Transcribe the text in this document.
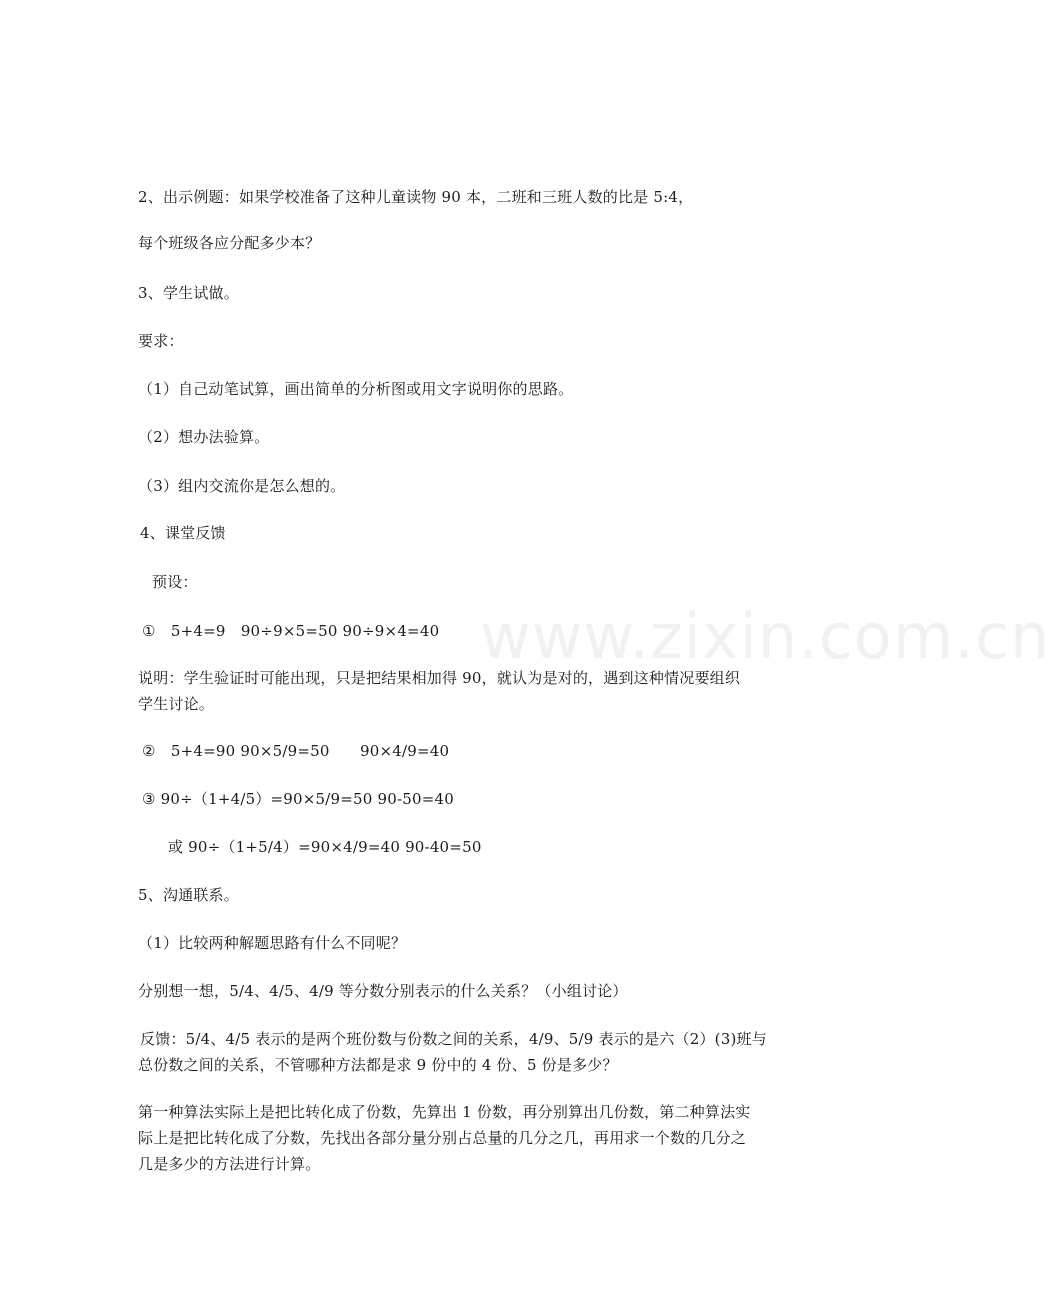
www.zixin.com.cn
2、出示例题：如果学校准备了这种儿童读物 90 本，二班和三班人数的比是 5:4，
每个班级各应分配多少本？
3、学生试做。
要求：
（1）自己动笔试算，画出简单的分析图或用文字说明你的思路。
（2）想办法验算。
（3）组内交流你是怎么想的。
4、课堂反馈
预设：
①　5+4=9　90÷9×5=50 90÷9×4=40
说明：学生验证时可能出现，只是把结果相加得 90，就认为是对的，遇到这种情况要组织
学生讨论。
②　5+4=90 90×5/9=50　　90×4/9=40
③ 90÷（1+4/5）=90×5/9=50 90-50=40
或 90÷（1+5/4）=90×4/9=40 90-40=50
5、沟通联系。
（1）比较两种解题思路有什么不同呢？
分别想一想，5/4、4/5、4/9 等分数分别表示的什么关系？（小组讨论）
反馈：5/4、4/5 表示的是两个班份数与份数之间的关系，4/9、5/9 表示的是六（2）(3)班与
总份数之间的关系，不管哪种方法都是求 9 份中的 4 份、5 份是多少？
第一种算法实际上是把比转化成了份数，先算出 1 份数，再分别算出几份数，第二种算法实
际上是把比转化成了分数，先找出各部分量分别占总量的几分之几，再用求一个数的几分之
几是多少的方法进行计算。
